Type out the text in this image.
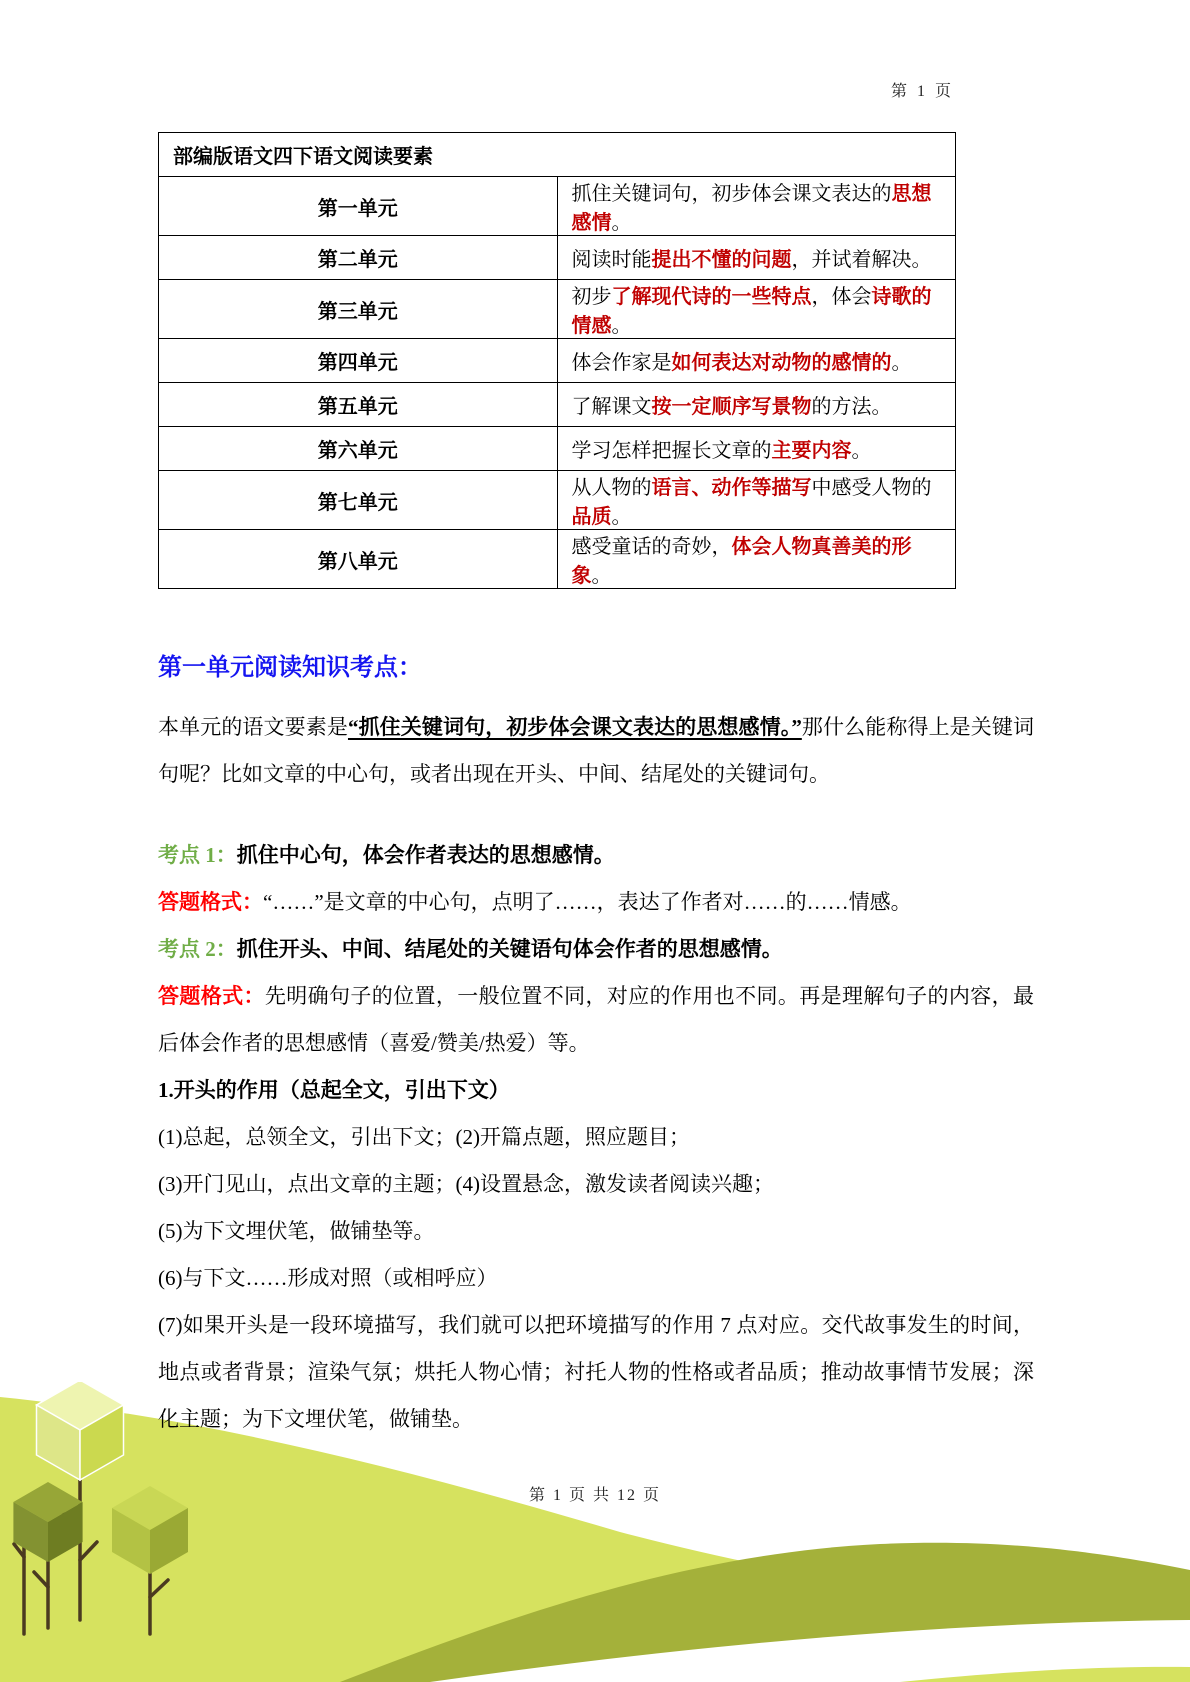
第 1 页
部编版语文四下语文阅读要素	
第一单元	抓住关键词句，初步体会课文表达的思想感情。
第二单元	阅读时能提出不懂的问题，并试着解决。
第三单元	初步了解现代诗的一些特点，体会诗歌的情感。
第四单元	体会作家是如何表达对动物的感情的。
第五单元	了解课文按一定顺序写景物的方法。
第六单元	学习怎样把握长文章的主要内容。
第七单元	从人物的语言、动作等描写中感受人物的品质。
第八单元	感受童话的奇妙，体会人物真善美的形象。
第一单元阅读知识考点：

本单元的语文要素是“抓住关键词句，初步体会课文表达的思想感情。”那什么能称得上是关键词句呢？比如文章的中心句，或者出现在开头、中间、结尾处的关键词句。

考点 1：抓住中心句，体会作者表达的思想感情。

答题格式：“……”是文章的中心句，点明了……，表达了作者对……的……情感。

考点 2：抓住开头、中间、结尾处的关键语句体会作者的思想感情。

答题格式：先明确句子的位置，一般位置不同，对应的作用也不同。再是理解句子的内容，最后体会作者的思想感情（喜爱/赞美/热爱）等。

1.开头的作用（总起全文，引出下文）

(1)总起，总领全文，引出下文；(2)开篇点题，照应题目；

(3)开门见山，点出文章的主题；(4)设置悬念，激发读者阅读兴趣；

(5)为下文埋伏笔，做铺垫等。

(6)与下文……形成对照（或相呼应）

(7)如果开头是一段环境描写，我们就可以把环境描写的作用 7 点对应。交代故事发生的时间，地点或者背景；渲染气氛；烘托人物心情；衬托人物的性格或者品质；推动故事情节发展；深化主题；为下文埋伏笔，做铺垫。

第 1 页 共 12 页
